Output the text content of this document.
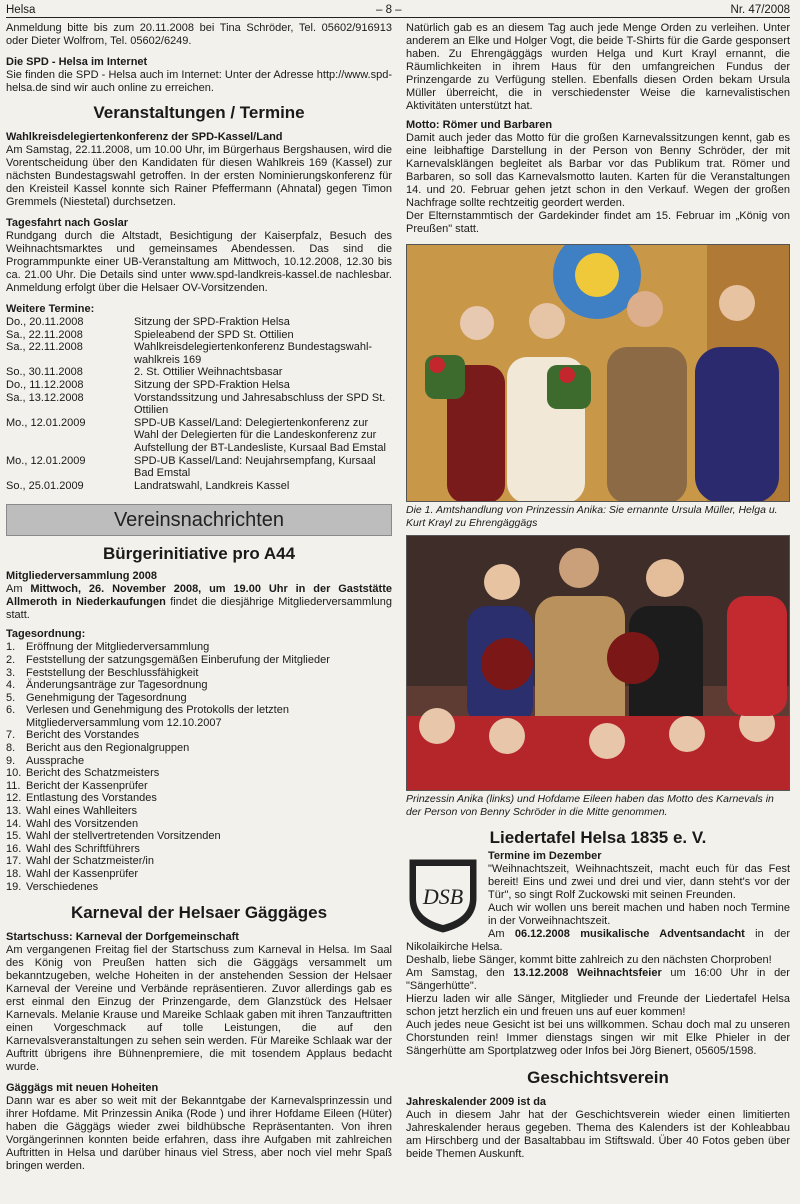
Helsa	– 8 –	Nr. 47/2008

Anmeldung bitte bis zum 20.11.2008 bei Tina Schröder, Tel. 05602/916913 oder Dieter Wolfrom, Tel. 05602/6249.

Die SPD - Helsa im Internet

Sie finden die SPD - Helsa auch im Internet: Unter der Adresse http://www.spd-helsa.de sind wir auch online zu erreichen.

Veranstaltungen / Termine
Wahlkreisdelegiertenkonferenz der SPD-Kassel/Land

Am Samstag, 22.11.2008, um 10.00 Uhr, im Bürgerhaus Bergshausen, wird die Vorentscheidung über den Kandidaten für diesen Wahlkreis 169 (Kassel) zur nächsten Bundestagswahl getroffen. In der ersten Nominierungskonferenz für den Kreisteil Kassel konnte sich Rainer Pfeffermann (Ahnatal) gegen Timon Gremmels (Niestetal) durchsetzen.

Tagesfahrt nach Goslar

Rundgang durch die Altstadt, Besichtigung der Kaiserpfalz, Besuch des Weihnachtsmarktes und gemeinsames Abendessen. Das sind die Programmpunkte einer UB-Veranstaltung am Mittwoch, 10.12.2008, 12.30 bis ca. 21.00 Uhr. Die Details sind unter www.spd-landkreis-kassel.de nachlesbar. Anmeldung erfolgt über die Helsaer OV-Vorsitzenden.

Weitere Termine:
Do., 20.11.2008	Sitzung der SPD-Fraktion Helsa
Sa., 22.11.2008	Spieleabend der SPD St. Ottilien
Sa., 22.11.2008	Wahlkreisdelegiertenkonferenz Bundestagswahl-wahlkreis 169
So., 30.11.2008	2. St. Ottilier Weihnachtsbasar
Do., 11.12.2008	Sitzung der SPD-Fraktion Helsa
Sa., 13.12.2008	Vorstandssitzung und Jahresabschluss der SPD St. Ottilien
Mo., 12.01.2009	SPD-UB Kassel/Land: Delegiertenkonferenz zur Wahl der Delegierten für die Landeskonferenz zur Aufstellung der BT-Landesliste, Kursaal Bad Emstal
Mo., 12.01.2009	SPD-UB Kassel/Land: Neujahrsempfang, Kursaal Bad Emstal
So., 25.01.2009	Landratswahl, Landkreis Kassel
Vereinsnachrichten
Bürgerinitiative pro A44
Mitgliederversammlung 2008

Am Mittwoch, 26. November 2008, um 19.00 Uhr in der Gaststätte Allmeroth in Niederkaufungen findet die diesjährige Mitgliederversammlung statt.

Tagesordnung:
1. Eröffnung der Mitgliederversammlung
2. Feststellung der satzungsgemäßen Einberufung der Mitglieder
3. Feststellung der Beschlussfähigkeit
4. Änderungsanträge zur Tagesordnung
5. Genehmigung der Tagesordnung
6. Verlesen und Genehmigung des Protokolls der letzten Mitgliederversammlung vom 12.10.2007
7. Bericht des Vorstandes
8. Bericht aus den Regionalgruppen
9. Aussprache
10. Bericht des Schatzmeisters
11. Bericht der Kassenprüfer
12. Entlastung des Vorstandes
13. Wahl eines Wahlleiters
14. Wahl des Vorsitzenden
15. Wahl der stellvertretenden Vorsitzenden
16. Wahl des Schriftführers
17. Wahl der Schatzmeister/in
18. Wahl der Kassenprüfer
19. Verschiedenes
Karneval der Helsaer Gäggäges
Startschuss: Karneval der Dorfgemeinschaft

Am vergangenen Freitag fiel der Startschuss zum Karneval in Helsa. Im Saal des König von Preußen hatten sich die Gäggägs versammelt um bekanntzugeben, welche Hoheiten in der anstehenden Session der Helsaer Karneval der Vereine und Verbände repräsentieren. Zuvor allerdings gab es erst einmal den Einzug der Prinzengarde, dem Glanzstück des Helsaer Karnevals. Melanie Krause und Mareike Schlaak gaben mit ihren Tanzauftritten einen Vorgeschmack auf tolle Leistungen, die auf den Karnevalsveranstaltungen zu sehen sein werden. Für Mareike Schlaak war der Auftritt übrigens ihre Bühnenpremiere, die mit tosendem Applaus bedacht wurde.

Gäggägs mit neuen Hoheiten

Dann war es aber so weit mit der Bekanntgabe der Karnevalsprinzessin und ihrer Hofdame. Mit Prinzessin Anika (Rode ) und ihrer Hofdame Eileen (Hüter) haben die Gäggägs wieder zwei bildhübsche Repräsentanten. Von ihren Vorgängerinnen konnten beide erfahren, dass ihre Aufgaben mit zahlreichen Auftritten in Helsa und darüber hinaus viel Stress, aber noch viel mehr Spaß bringen werden.

Natürlich gab es an diesem Tag auch jede Menge Orden zu verleihen. Unter anderem an Elke und Holger Vogt, die beide T-Shirts für die Garde gesponsert haben. Zu Ehrengäggägs wurden Helga und Kurt Krayl ernannt, die Räumlichkeiten in ihrem Haus für den umfangreichen Fundus der Prinzengarde zu Verfügung stellen. Ebenfalls diesen Orden bekam Ursula Müller überreicht, die in verschiedenster Weise die karnevalistischen Aktivitäten unterstützt hat.

Motto: Römer und Barbaren

Damit auch jeder das Motto für die großen Karnevalssitzungen kennt, gab es eine leibhaftige Darstellung in der Person von Benny Schröder, der mit Karnevalsklängen begleitet als Barbar vor das Publikum trat. Römer und Barbaren, so soll das Karnevalsmotto lauten. Karten für die Veranstaltungen 14. und 20. Februar gehen jetzt schon in den Verkauf. Wegen der großen Nachfrage sollte rechtzeitig geordert werden.

Der Elternstammtisch der Gardekinder findet am 15. Februar im „König von Preußen" statt.

Die 1. Amtshandlung von Prinzessin Anika: Sie ernannte Ursula Müller, Helga u. Kurt Krayl zu Ehrengäggägs
Prinzessin Anika (links) und Hofdame Eileen haben das Motto des Karnevals in der Person von Benny Schröder in die Mitte genommen.
Liedertafel Helsa 1835 e. V.
DSB
Termine im Dezember

"Weihnachtszeit, Weihnachtszeit, macht euch für das Fest bereit! Eins und zwei und drei und vier, dann steht's vor der Tür", so singt Rolf Zuckowski mit seinen Freunden.

Auch wir wollen uns bereit machen und haben noch Termine in der Vorweihnachtszeit.

Am 06.12.2008 musikalische Adventsandacht in der Nikolaikirche Helsa.

Deshalb, liebe Sänger, kommt bitte zahlreich zu den nächsten Chorproben!

Am Samstag, den 13.12.2008 Weihnachtsfeier um 16:00 Uhr in der "Sängerhütte".

Hierzu laden wir alle Sänger, Mitglieder und Freunde der Liedertafel Helsa schon jetzt herzlich ein und freuen uns auf euer kommen!

Auch jedes neue Gesicht ist bei uns willkommen. Schau doch mal zu unseren Chorstunden rein! Immer dienstags singen wir mit Elke Phieler in der Sängerhütte am Sportplatzweg oder Infos bei Jörg Bienert, 05605/1598.

Geschichtsverein
Jahreskalender 2009 ist da

Auch in diesem Jahr hat der Geschichtsverein wieder einen limitierten Jahreskalender heraus gegeben. Thema des Kalenders ist der Kohleabbau am Hirschberg und der Basaltabbau im Stiftswald. Über 40 Fotos geben über beide Themen Auskunft.
